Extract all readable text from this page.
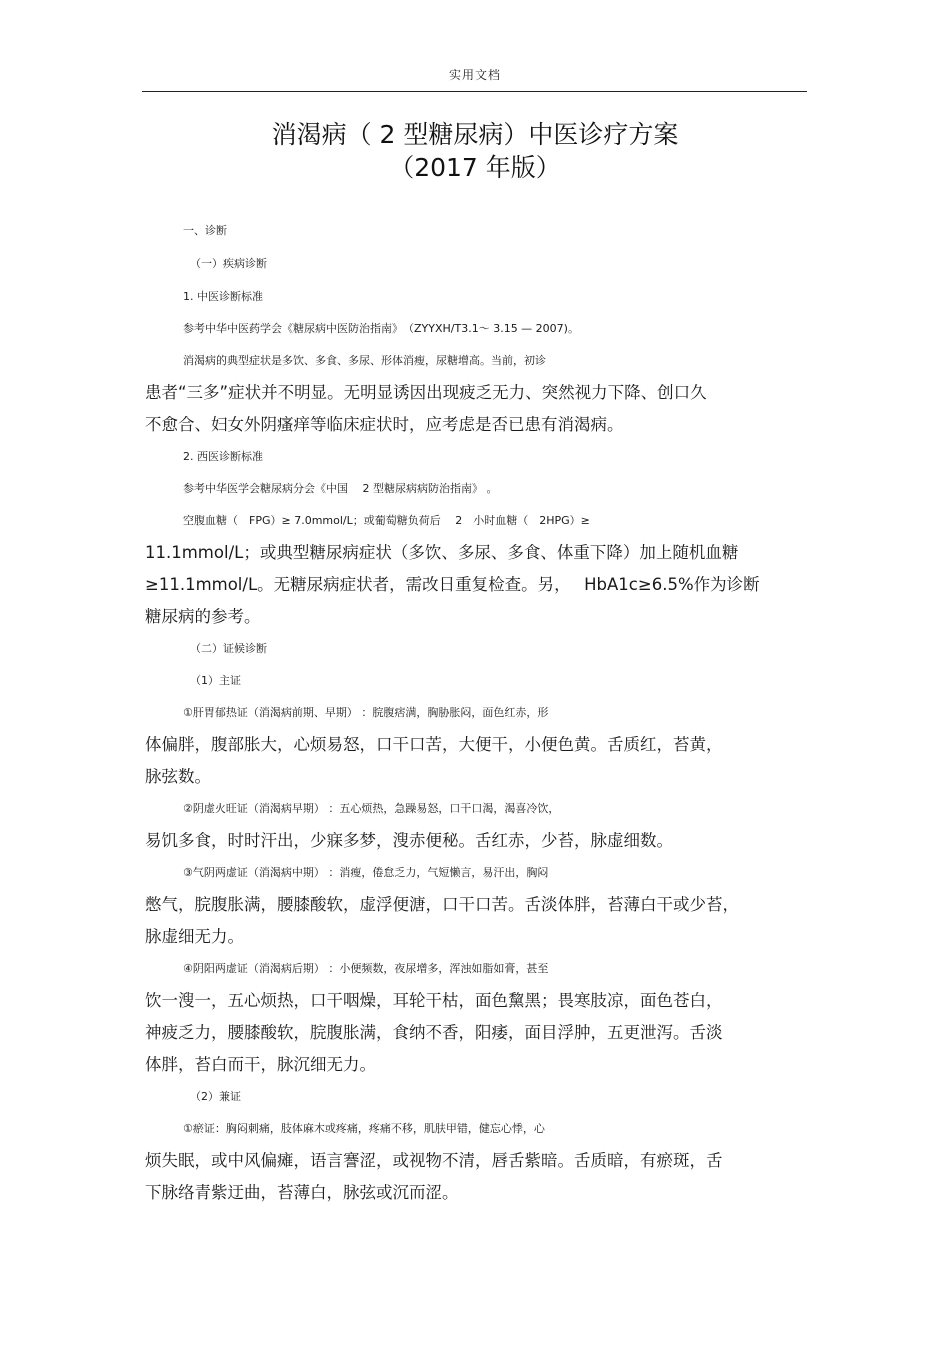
实用文档
消渴病（ 2 型糖尿病）中医诊疗方案
（2017 年版）
一、诊断
（一）疾病诊断
1. 中医诊断标准
参考中华中医药学会《糖尿病中医防治指南》　（ZYYXH/T3.1～ 3.15 — 2007)。
消渴病的典型症状是多饮、多食、多尿、形体消瘦，尿糖增高。当前，初诊
患者“三多”症状并不明显。无明显诱因出现疲乏无力、突然视力下降、创口久
不愈合、妇女外阴瘙痒等临床症状时，应考虑是否已患有消渴病。
2. 西医诊断标准
参考中华医学会糖尿病分会《中国　 2 型糖尿病病防治指南》 。
空腹血糖（　FPG）≥ 7.0mmol/L；或葡萄糖负荷后　 2　小时血糖（　2HPG）≥
11.1mmol/L；或典型糖尿病症状（多饮、多尿、多食、体重下降）加上随机血糖
≥11.1mmol/L。无糖尿病症状者，需改日重复检查。另，　 HbA1c≥6.5%作为诊断
糖尿病的参考。
（二）证候诊断
（1）主证
①肝胃郁热证（消渴病前期、早期） ：脘腹痞满，胸胁胀闷，面色红赤，形
体偏胖，腹部胀大，心烦易怒，口干口苦，大便干，小便色黄。舌质红，苔黄，
脉弦数。
②阴虚火旺证（消渴病早期） ：五心烦热，急躁易怒，口干口渴，渴喜冷饮，
易饥多食，时时汗出，少寐多梦，溲赤便秘。舌红赤，少苔，脉虚细数。
③气阴两虚证（消渴病中期） ：消瘦，倦怠乏力，气短懒言，易汗出，胸闷
憋气，脘腹胀满，腰膝酸软，虚浮便溏，口干口苦。舌淡体胖，苔薄白干或少苔，
脉虚细无力。
④阴阳两虚证（消渴病后期） ：小便频数，夜尿增多，浑浊如脂如膏，甚至
饮一溲一，五心烦热，口干咽燥，耳轮干枯，面色黧黑；畏寒肢凉，面色苍白，
神疲乏力，腰膝酸软，脘腹胀满，食纳不香，阳痿，面目浮肿，五更泄泻。舌淡
体胖，苔白而干，脉沉细无力。
（2）兼证
①瘀证：胸闷刺痛，肢体麻木或疼痛，疼痛不移，肌肤甲错，健忘心悸，心
烦失眠，或中风偏瘫，语言謇涩，或视物不清，唇舌紫暗。舌质暗，有瘀斑，舌
下脉络青紫迂曲，苔薄白，脉弦或沉而涩。
